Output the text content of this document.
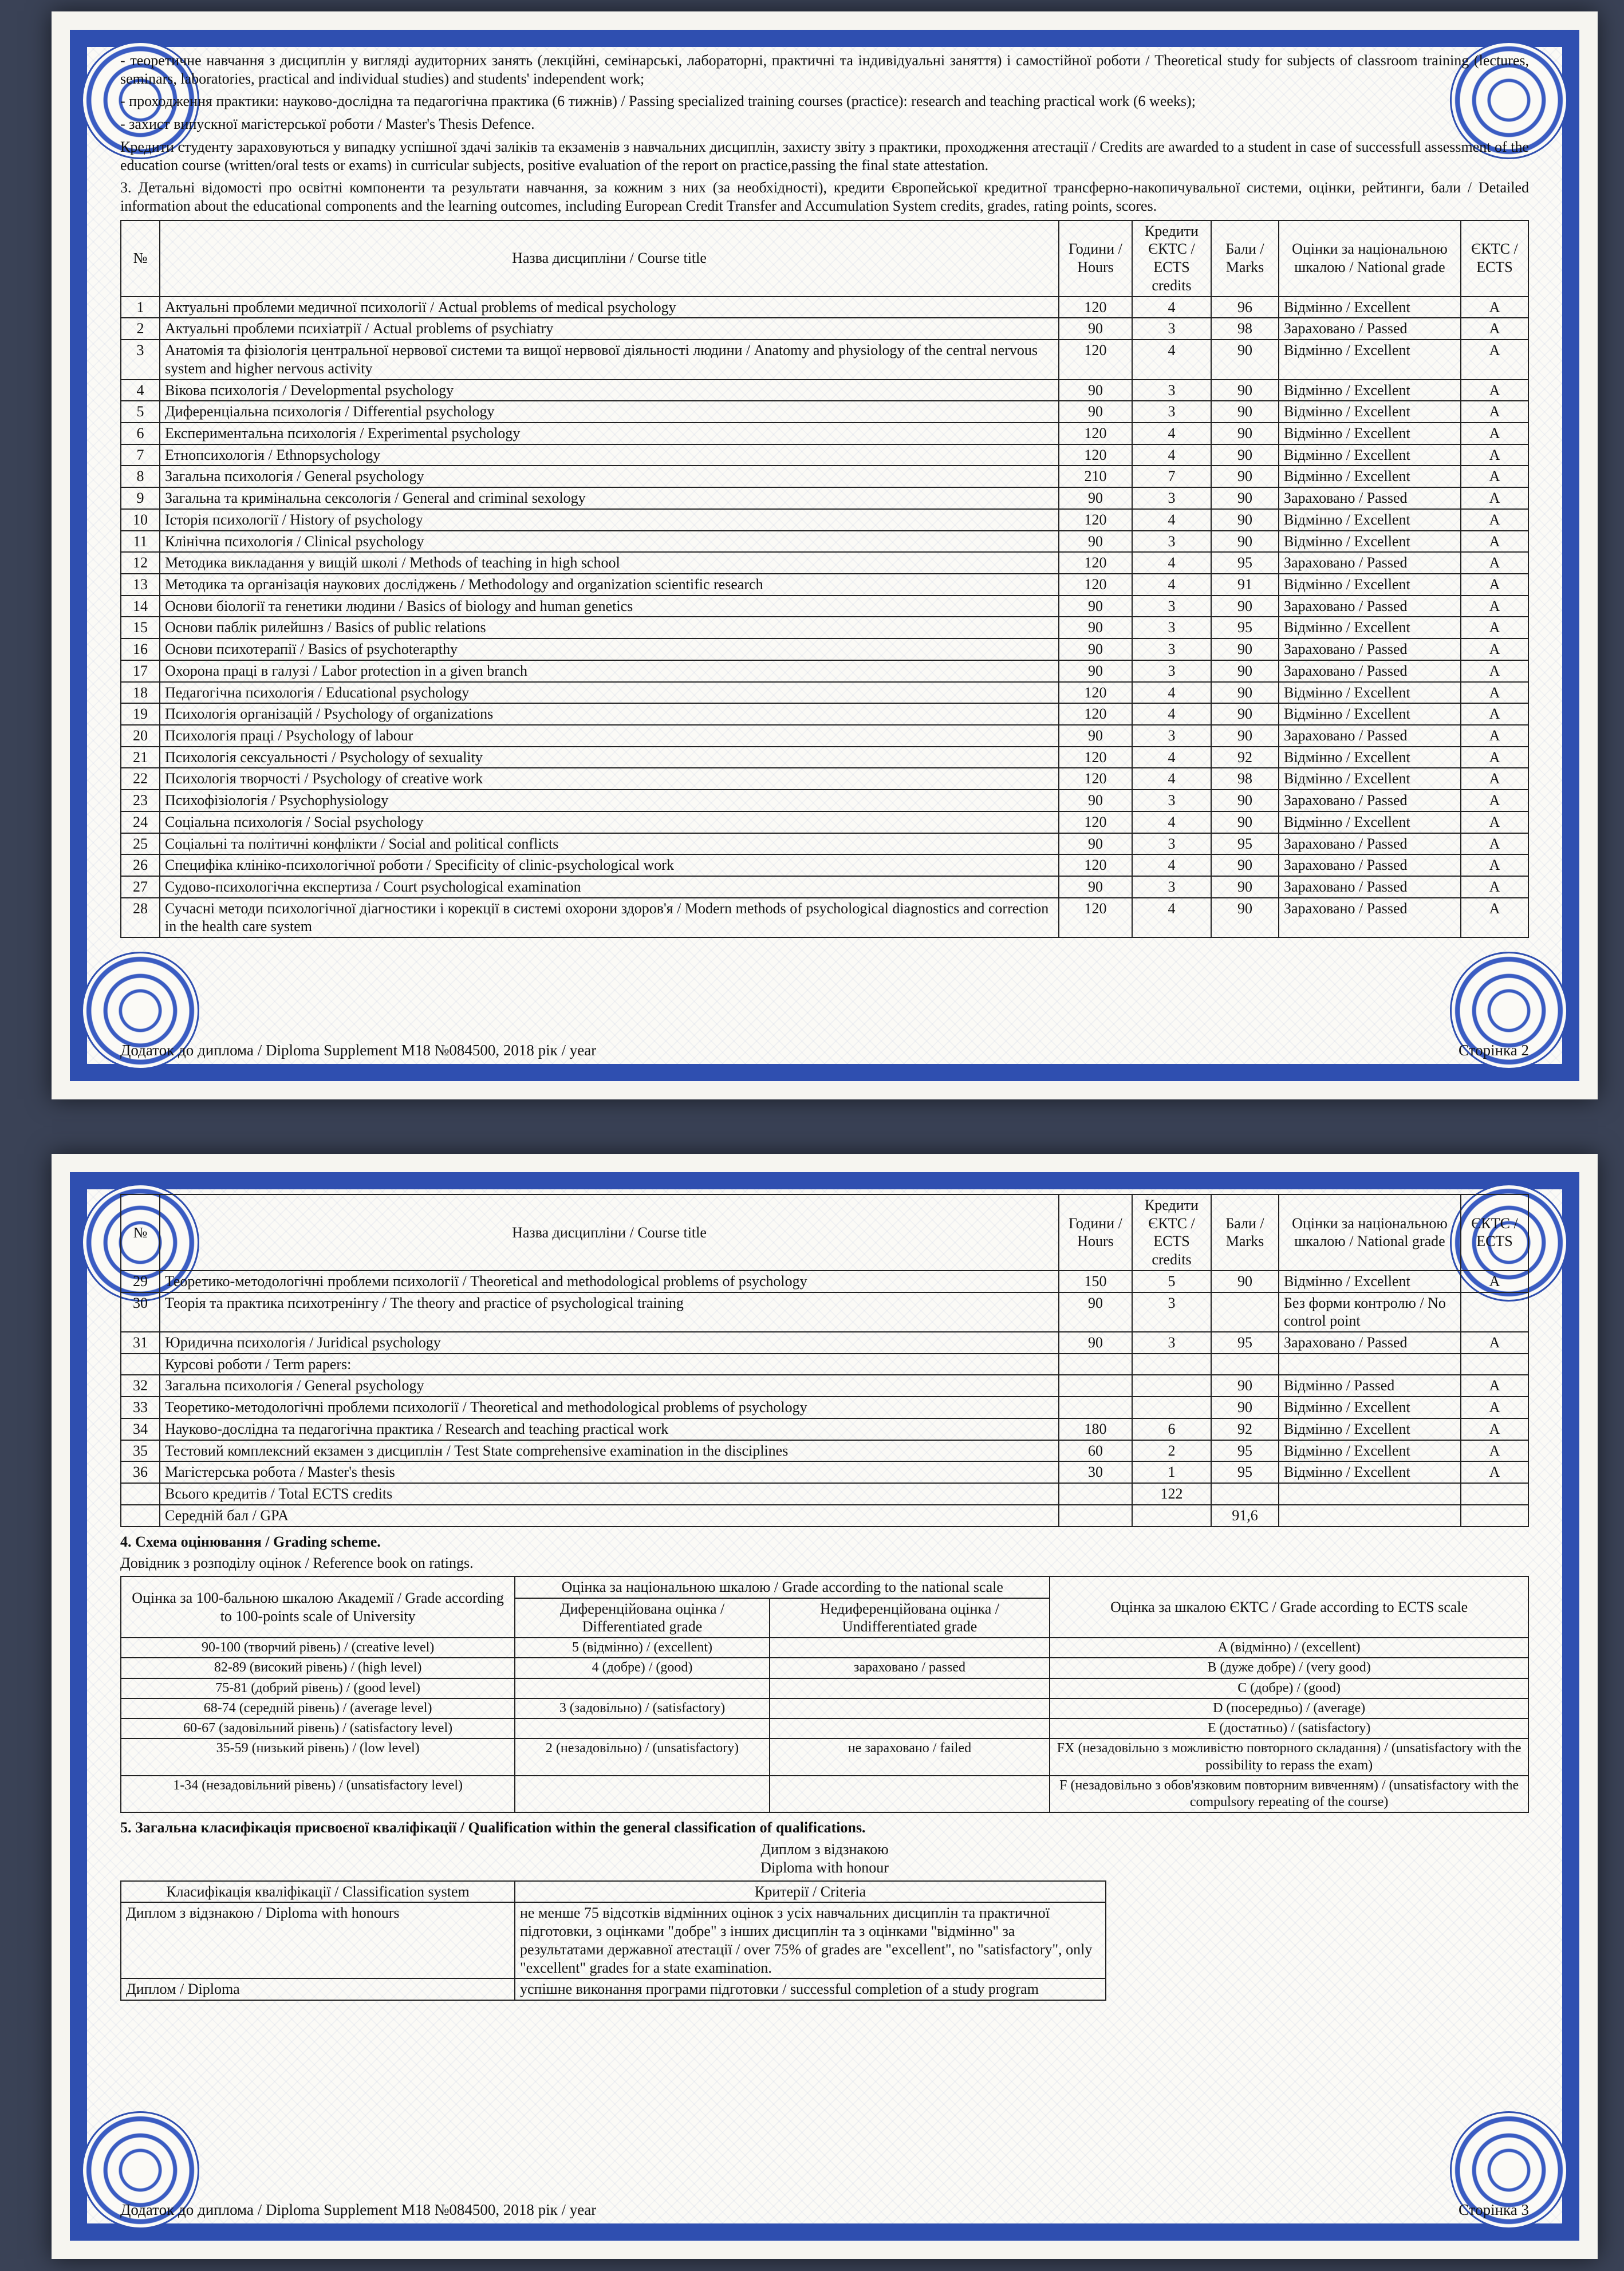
- теоретичне навчання з дисциплін у вигляді аудиторних занять (лекційні, семінарські, лабораторні, практичні та індивідуальні заняття) і самостійної роботи / Theoretical study for subjects of classroom training (lectures, seminars, laboratories, practical and individual studies) and students' independent work;

- проходження практики: науково-дослідна та педагогічна практика (6 тижнів) / Passing specialized training courses (practice): research and teaching practical work (6 weeks);

- захист випускної магістерської роботи / Master's Thesis Defence.

Кредити студенту зараховуються у випадку успішної здачі заліків та екзаменів з навчальних дисциплін, захисту звіту з практики, проходження атестації / Credits are awarded to a student in case of successfull assessment of the education course (written/oral tests or exams) in curricular subjects, positive evaluation of the report on practice,passing the final state attestation.

3. Детальні відомості про освітні компоненти та результати навчання, за кожним з них (за необхідності), кредити Європейської кредитної трансферно-накопичувальної системи, оцінки, рейтинги, бали / Detailed information about the educational components and the learning outcomes, including European Credit Transfer and Accumulation System credits, grades, rating points, scores.

№	Назва дисципліни / Course title	Години / Hours	Кредити ЄКТС / ECTS credits	Бали / Marks	Оцінки за національною шкалою / National grade	ЄКТС / ECTS
1	Актуальні проблеми медичної психології / Actual problems of medical psychology	120	4	96	Відмінно / Excellent	A
2	Актуальні проблеми психіатрії / Actual problems of psychiatry	90	3	98	Зараховано / Passed	A
3	Анатомія та фізіологія центральної нервової системи та вищої нервової діяльності людини / Anatomy and physiology of the central nervous system and higher nervous activity	120	4	90	Відмінно / Excellent	A
4	Вікова психологія / Developmental psychology	90	3	90	Відмінно / Excellent	A
5	Диференціальна психологія / Differential psychology	90	3	90	Відмінно / Excellent	A
6	Експериментальна психологія / Experimental psychology	120	4	90	Відмінно / Excellent	A
7	Етнопсихологія / Ethnopsychology	120	4	90	Відмінно / Excellent	A
8	Загальна психологія / General psychology	210	7	90	Відмінно / Excellent	A
9	Загальна та кримінальна сексологія / General and criminal sexology	90	3	90	Зараховано / Passed	A
10	Історія психології / History of psychology	120	4	90	Відмінно / Excellent	A
11	Клінічна психологія / Clinical psychology	90	3	90	Відмінно / Excellent	A
12	Методика викладання у вищій школі / Methods of teaching in high school	120	4	95	Зараховано / Passed	A
13	Методика та організація наукових досліджень / Methodology and organization scientific research	120	4	91	Відмінно / Excellent	A
14	Основи біології та генетики людини / Basics of biology and human genetics	90	3	90	Зараховано / Passed	A
15	Основи паблік рилейшнз / Basics of public relations	90	3	95	Відмінно / Excellent	A
16	Основи психотерапії / Basics of psychoterapthy	90	3	90	Зараховано / Passed	A
17	Охорона праці в галузі / Labor protection in a given branch	90	3	90	Зараховано / Passed	A
18	Педагогічна психологія / Educational psychology	120	4	90	Відмінно / Excellent	A
19	Психологія організацій / Psychology of organizations	120	4	90	Відмінно / Excellent	A
20	Психологія праці / Psychology of labour	90	3	90	Зараховано / Passed	A
21	Психологія сексуальності / Psychology of sexuality	120	4	92	Відмінно / Excellent	A
22	Психологія творчості / Psychology of creative work	120	4	98	Відмінно / Excellent	A
23	Психофізіологія / Psychophysiology	90	3	90	Зараховано / Passed	A
24	Соціальна психологія / Social psychology	120	4	90	Відмінно / Excellent	A
25	Соціальні та політичні конфлікти / Social and political conflicts	90	3	95	Зараховано / Passed	A
26	Специфіка клініко-психологічної роботи / Specificity of clinic-psychological work	120	4	90	Зараховано / Passed	A
27	Судово-психологічна експертиза / Court psychological examination	90	3	90	Зараховано / Passed	A
28	Сучасні методи психологічної діагностики і корекції в системі охорони здоров'я / Modern methods of psychological diagnostics and correction in the health care system	120	4	90	Зараховано / Passed	A
Додаток до диплома / Diploma Supplement M18 №084500, 2018 рік / year	Сторінка 2
№	Назва дисципліни / Course title	Години / Hours	Кредити ЄКТС / ECTS credits	Бали / Marks	Оцінки за національною шкалою / National grade	ЄКТС / ECTS
29	Теоретико-методологічні проблеми психології / Theoretical and methodological problems of psychology	150	5	90	Відмінно / Excellent	A
30	Теорія та практика психотренінгу / The theory and practice of psychological training	90	3		Без форми контролю / No control point	
31	Юридична психологія / Juridical psychology	90	3	95	Зараховано / Passed	A
	Курсові роботи / Term papers:					
32	Загальна психологія / General psychology			90	Відмінно / Passed	A
33	Теоретико-методологічні проблеми психології / Theoretical and methodological problems of psychology			90	Відмінно / Excellent	A
34	Науково-дослідна та педагогічна практика / Research and teaching practical work	180	6	92	Відмінно / Excellent	A
35	Тестовий комплексний екзамен з дисциплін / Test State comprehensive examination in the disciplines	60	2	95	Відмінно / Excellent	A
36	Магістерська робота / Master's thesis	30	1	95	Відмінно / Excellent	A
	Всього кредитів / Total ECTS credits		122			
	Середній бал / GPA			91,6		
4. Схема оцінювання / Grading scheme.
Довідник з розподілу оцінок / Reference book on ratings.
Оцінка за 100-бальною шкалою Академії / Grade according to 100-points scale of University	Оцінка за національною шкалою / Grade according to the national scale		Оцінка за шкалою ЄКТС / Grade according to ECTS scale
	Диференційована оцінка / Differentiated grade	Недиференційована оцінка / Undifferentiated grade	
90-100 (творчий рівень) / (creative level)	5 (відмінно) / (excellent)		A (відмінно) / (excellent)
82-89 (високий рівень) / (high level)	4 (добре) / (good)	зараховано / passed	B (дуже добре) / (very good)
75-81 (добрий рівень) / (good level)			C (добре) / (good)
68-74 (середній рівень) / (average level)	3 (задовільно) / (satisfactory)		D (посередньо) / (average)
60-67 (задовільний рівень) / (satisfactory level)			E (достатньо) / (satisfactory)
35-59 (низький рівень) / (low level)	2 (незадовільно) / (unsatisfactory)	не зараховано / failed	FX (незадовільно з можливістю повторного складання) / (unsatisfactory with the possibility to repass the exam)
1-34 (незадовільний рівень) / (unsatisfactory level)			F (незадовільно з обов'язковим повторним вивченням) / (unsatisfactory with the compulsory repeating of the course)
5. Загальна класифікація присвоєної кваліфікації / Qualification within the general classification of qualifications.
Диплом з відзнакою
Diploma with honour
Класифікація кваліфікації / Classification system	Критерії / Criteria
Диплом з відзнакою / Diploma with honours	не менше 75 відсотків відмінних оцінок з усіх навчальних дисциплін та практичної підготовки, з оцінками "добре" з інших дисциплін та з оцінками "відмінно" за результатами державної атестації / over 75% of grades are "excellent", no "satisfactory", only "excellent" grades for a state examination.
Диплом / Diploma	успішне виконання програми підготовки / successful completion of a study program
Додаток до диплома / Diploma Supplement M18 №084500, 2018 рік / year	Сторінка 3
